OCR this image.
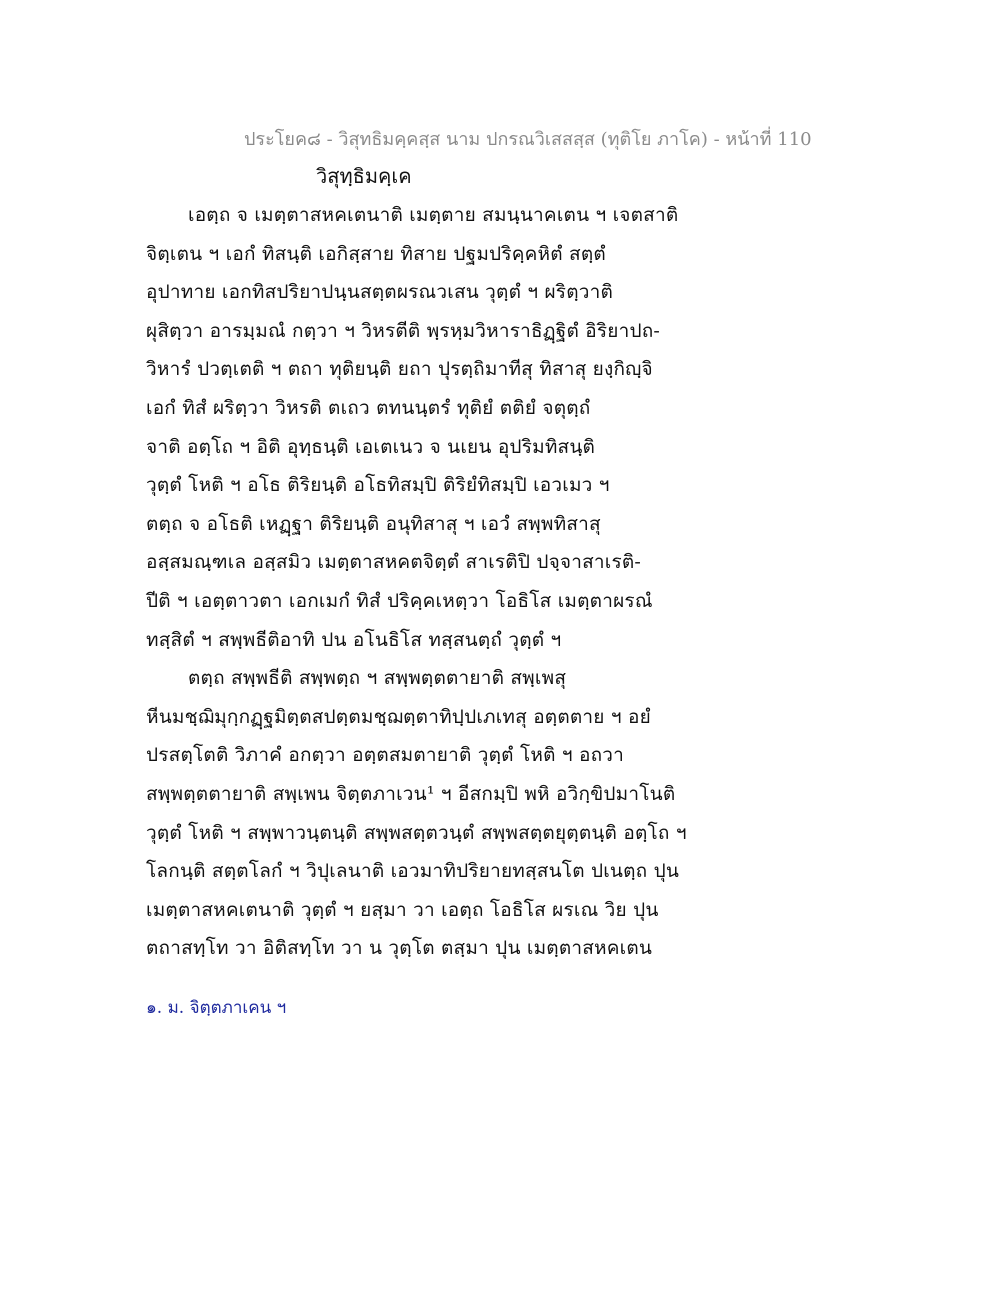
ประโยค๘ - วิสุทธิมคฺคสฺส นาม ปกรณวิเสสสฺส (ทุติโย ภาโค) - หน้าที่ 110
วิสุทฺธิมคฺเค
เอตฺถ จ เมตฺตาสหคเตนาติ เมตฺตาย สมนฺนาคเตน ฯ เจตสาติ
จิตฺเตน ฯ เอกํ ทิสนฺติ เอกิสฺสาย ทิสาย ปฐมปริคฺคหิตํ สตฺตํ
อุปาทาย เอกทิสปริยาปนฺนสตฺตผรณวเสน วุตฺตํ ฯ ผริตฺวาติ
ผุสิตฺวา อารมฺมณํ กตฺวา ฯ วิหรตีติ พฺรหฺมวิหาราธิฏฺฐิตํ อิริยาปถ-
วิหารํ ปวตฺเตติ ฯ ตถา ทุติยนฺติ ยถา ปุรตฺถิมาทีสุ ทิสาสุ ยงฺกิญฺจิ
เอกํ ทิสํ ผริตฺวา วิหรติ ตเถว ตทนนฺตรํ ทุติยํ ตติยํ จตุตฺถํ
จาติ อตฺโถ ฯ อิติ อุทฺธนฺติ เอเตเนว จ นเยน อุปริมทิสนฺติ
วุตฺตํ โหติ ฯ อโธ ติริยนฺติ อโธทิสมฺปิ ติริยํทิสมฺปิ เอวเมว ฯ
ตตฺถ จ อโธติ เหฏฺฐา ติริยนฺติ อนุทิสาสุ ฯ เอวํ สพฺพทิสาสุ
อสฺสมณฺฑเล อสฺสมิว เมตฺตาสหคตจิตฺตํ สาเรติปิ ปจฺจาสาเรติ-
ปีติ ฯ เอตฺตาวตา เอกเมกํ ทิสํ ปริคฺคเหตฺวา โอธิโส เมตฺตาผรณํ
ทสฺสิตํ ฯ สพฺพธีติอาทิ ปน อโนธิโส ทสฺสนตฺถํ วุตฺตํ ฯ
ตตฺถ สพฺพธีติ สพฺพตฺถ ฯ สพฺพตฺตตายาติ สพฺเพสุ
หีนมชฺฌิมุกฺกฏฺฐมิตฺตสปตฺตมชฺฌตฺตาทิปฺปเภเทสุ อตฺตตาย ฯ อยํ
ปรสตฺโตติ วิภาคํ อกตฺวา อตฺตสมตายาติ วุตฺตํ โหติ ฯ อถวา
สพฺพตฺตตายาติ สพฺเพน จิตฺตภาเวน¹ ฯ อีสกมฺปิ พหิ อวิกฺขิปมาโนติ
วุตฺตํ โหติ ฯ สพฺพาวนฺตนฺติ สพฺพสตฺตวนฺตํ สพฺพสตฺตยุตฺตนฺติ อตฺโถ ฯ
โลกนฺติ สตฺตโลกํ ฯ วิปุเลนาติ เอวมาทิปริยายทสฺสนโต ปเนตฺถ ปุน
เมตฺตาสหคเตนาติ วุตฺตํ ฯ ยสฺมา วา เอตฺถ โอธิโส ผรเณ วิย ปุน
ตถาสทฺโท วา อิติสทฺโท วา น วุตฺโต ตสฺมา ปุน เมตฺตาสหคเตน
๑. ม. จิตฺตภาเคน ฯ
